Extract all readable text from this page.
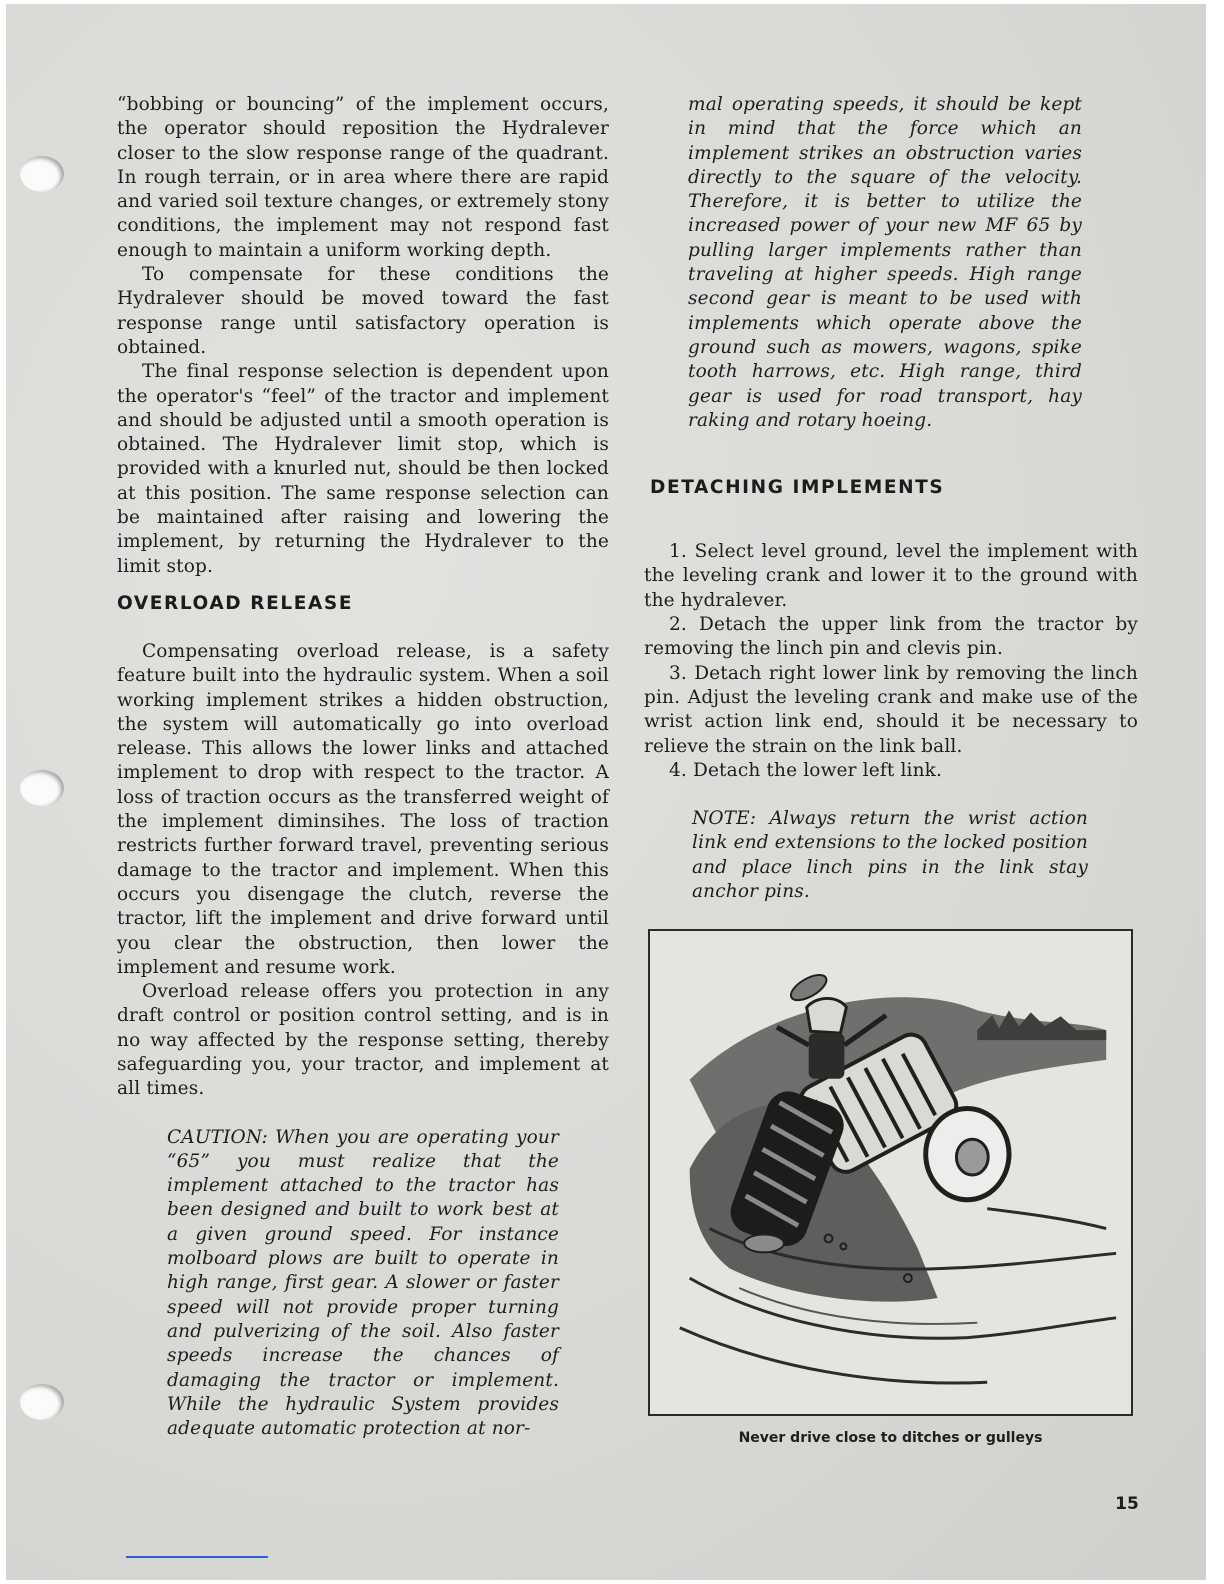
“bobbing or bouncing” of the implement occurs, the operator should reposition the Hydralever closer to the slow response range of the quadrant. In rough terrain, or in area where there are rapid and varied soil texture changes, or extremely stony conditions, the implement may not respond fast enough to maintain a uniform working depth.

To compensate for these conditions the Hydralever should be moved toward the fast response range until satisfactory operation is obtained.

The final response selection is dependent upon the operator's “feel” of the tractor and implement and should be adjusted until a smooth operation is obtained. The Hydralever limit stop, which is provided with a knurled nut, should be then locked at this position. The same response selection can be maintained after raising and lowering the implement, by returning the Hydralever to the limit stop.

OVERLOAD RELEASE

Compensating overload release, is a safety feature built into the hydraulic system. When a soil working implement strikes a hidden obstruction, the system will automatically go into overload release. This allows the lower links and attached implement to drop with respect to the tractor. A loss of traction occurs as the transferred weight of the implement diminsihes. The loss of traction restricts further forward travel, preventing serious damage to the tractor and implement. When this occurs you disengage the clutch, reverse the tractor, lift the implement and drive forward until you clear the obstruction, then lower the implement and resume work.

Overload release offers you protection in any draft control or position control setting, and is in no way affected by the response setting, thereby safeguarding you, your tractor, and implement at all times.

CAUTION: When you are operating your “65” you must realize that the implement attached to the tractor has been designed and built to work best at a given ground speed. For instance molboard plows are built to operate in high range, first gear. A slower or faster speed will not provide proper turning and pulverizing of the soil. Also faster speeds increase the chances of damaging the tractor or implement. While the hydraulic System provides adequate automatic protection at nor-

mal operating speeds, it should be kept in mind that the force which an implement strikes an obstruction varies directly to the square of the velocity. Therefore, it is better to utilize the increased power of your new MF 65 by pulling larger implements rather than traveling at higher speeds. High range second gear is meant to be used with implements which operate above the ground such as mowers, wagons, spike tooth harrows, etc. High range, third gear is used for road transport, hay raking and rotary hoeing.

DETACHING IMPLEMENTS

1. Select level ground, level the implement with the leveling crank and lower it to the ground with the hydralever.

2. Detach the upper link from the tractor by removing the linch pin and clevis pin.

3. Detach right lower link by removing the linch pin. Adjust the leveling crank and make use of the wrist action link end, should it be necessary to relieve the strain on the link ball.

4. Detach the lower left link.

NOTE: Always return the wrist action link end extensions to the locked position and place linch pins in the link stay anchor pins.

Never drive close to ditches or gulleys
15
